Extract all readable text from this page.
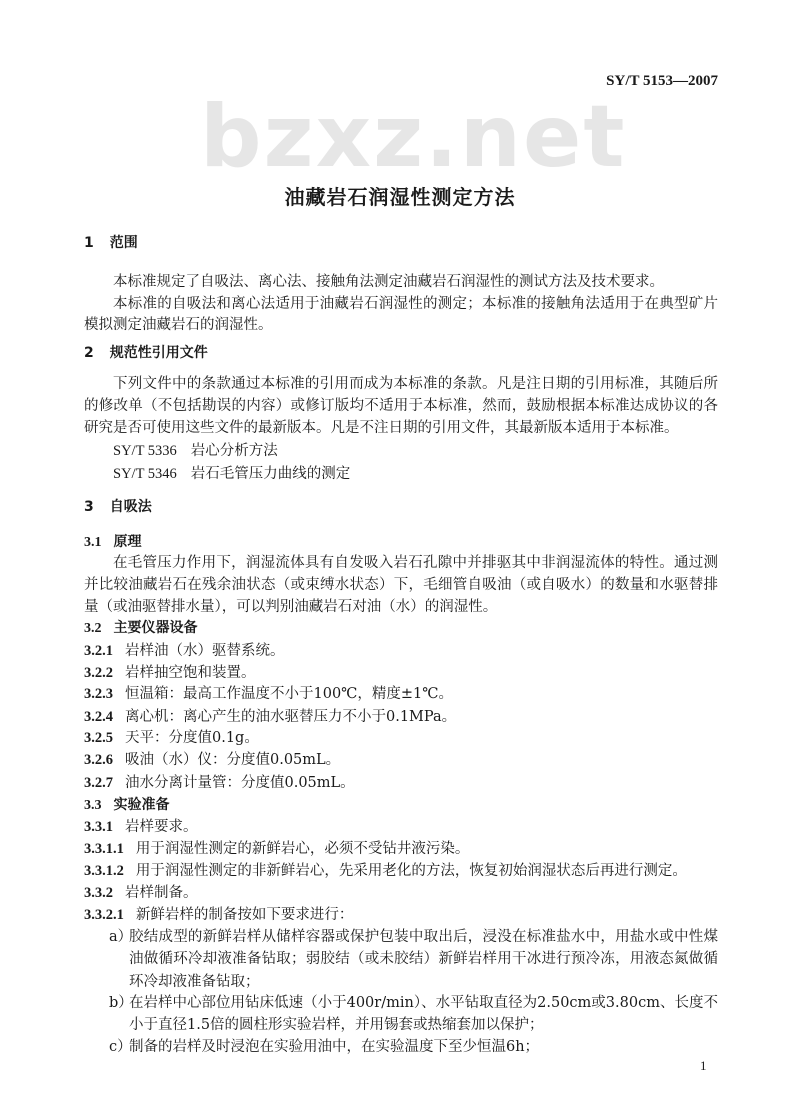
bzxz.net
SY/T 5153—2007
油藏岩石润湿性测定方法
1 范围
本标准规定了自吸法、离心法、接触角法测定油藏岩石润湿性的测试方法及技术要求。
本标准的自吸法和离心法适用于油藏岩石润湿性的测定；本标准的接触角法适用于在典型矿片
模拟测定油藏岩石的润湿性。
2 规范性引用文件
下列文件中的条款通过本标准的引用而成为本标准的条款。凡是注日期的引用标准，其随后所
的修改单（不包括勘误的内容）或修订版均不适用于本标准，然而，鼓励根据本标准达成协议的各
研究是否可使用这些文件的最新版本。凡是不注日期的引用文件，其最新版本适用于本标准。
SY/T 5336 岩心分析方法
SY/T 5346 岩石毛管压力曲线的测定
3 自吸法
3.1 原理
在毛管压力作用下，润湿流体具有自发吸入岩石孔隙中并排驱其中非润湿流体的特性。通过测
并比较油藏岩石在残余油状态（或束缚水状态）下，毛细管自吸油（或自吸水）的数量和水驱替排
量（或油驱替排水量），可以判别油藏岩石对油（水）的润湿性。
3.2 主要仪器设备
3.2.1 岩样油（水）驱替系统。
3.2.2 岩样抽空饱和装置。
3.2.3 恒温箱：最高工作温度不小于100℃，精度±1℃。
3.2.4 离心机：离心产生的油水驱替压力不小于0.1MPa。
3.2.5 天平：分度值0.1g。
3.2.6 吸油（水）仪：分度值0.05mL。
3.2.7 油水分离计量管：分度值0.05mL。
3.3 实验准备
3.3.1 岩样要求。
3.3.1.1 用于润湿性测定的新鲜岩心，必须不受钻井液污染。
3.3.1.2 用于润湿性测定的非新鲜岩心，先采用老化的方法，恢复初始润湿状态后再进行测定。
3.3.2 岩样制备。
3.3.2.1 新鲜岩样的制备按如下要求进行：
a）
胶结成型的新鲜岩样从储样容器或保护包装中取出后，浸没在标准盐水中，用盐水或中性煤
油做循环冷却液准备钻取；弱胶结（或未胶结）新鲜岩样用干冰进行预冷冻，用液态氮做循
环冷却液准备钻取；
b）
在岩样中心部位用钻床低速（小于400r/min）、水平钻取直径为2.50cm或3.80cm、长度不
小于直径1.5倍的圆柱形实验岩样，并用锡套或热缩套加以保护；
c）
制备的岩样及时浸泡在实验用油中，在实验温度下至少恒温6h；
1
